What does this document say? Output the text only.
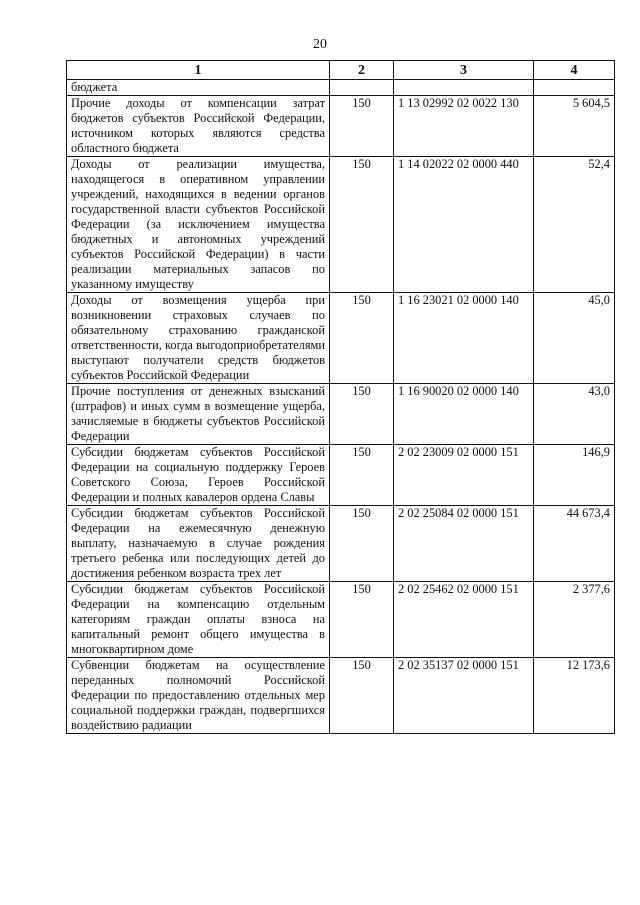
20
1	2	3	4
бюджета			
Прочие доходы от компенсации затрат бюджетов субъектов Российской Федерации, источником которых являются средства областного бюджета	150	1 13 02992 02 0022 130	5 604,5
Доходы от реализации имущества, находящегося в оперативном управлении учреждений, находящихся в ведении органов государственной власти субъектов Российской Федерации (за исключением имущества бюджетных и автономных учреждений субъектов Российской Федерации) в части реализации материальных запасов по указанному имуществу	150	1 14 02022 02 0000 440	52,4
Доходы от возмещения ущерба при возникновении страховых случаев по обязательному страхованию гражданской ответственности, когда выгодоприобретателями выступают получатели средств бюджетов субъектов Российской Федерации	150	1 16 23021 02 0000 140	45,0
Прочие поступления от денежных взысканий (штрафов) и иных сумм в возмещение ущерба, зачисляемые в бюджеты субъектов Российской Федерации	150	1 16 90020 02 0000 140	43,0
Субсидии бюджетам субъектов Российской Федерации на социальную поддержку Героев Советского Союза, Героев Российской Федерации и полных кавалеров ордена Славы	150	2 02 23009 02 0000 151	146,9
Субсидии бюджетам субъектов Российской Федерации на ежемесячную денежную выплату, назначаемую в случае рождения третьего ребенка или последующих детей до достижения ребенком возраста трех лет	150	2 02 25084 02 0000 151	44 673,4
Субсидии бюджетам субъектов Российской Федерации на компенсацию отдельным категориям граждан оплаты взноса на капитальный ремонт общего имущества в многоквартирном доме	150	2 02 25462 02 0000 151	2 377,6
Субвенции бюджетам на осуществление переданных полномочий Российской Федерации по предоставлению отдельных мер социальной поддержки граждан, подвергшихся воздействию радиации	150	2 02 35137 02 0000 151	12 173,6
